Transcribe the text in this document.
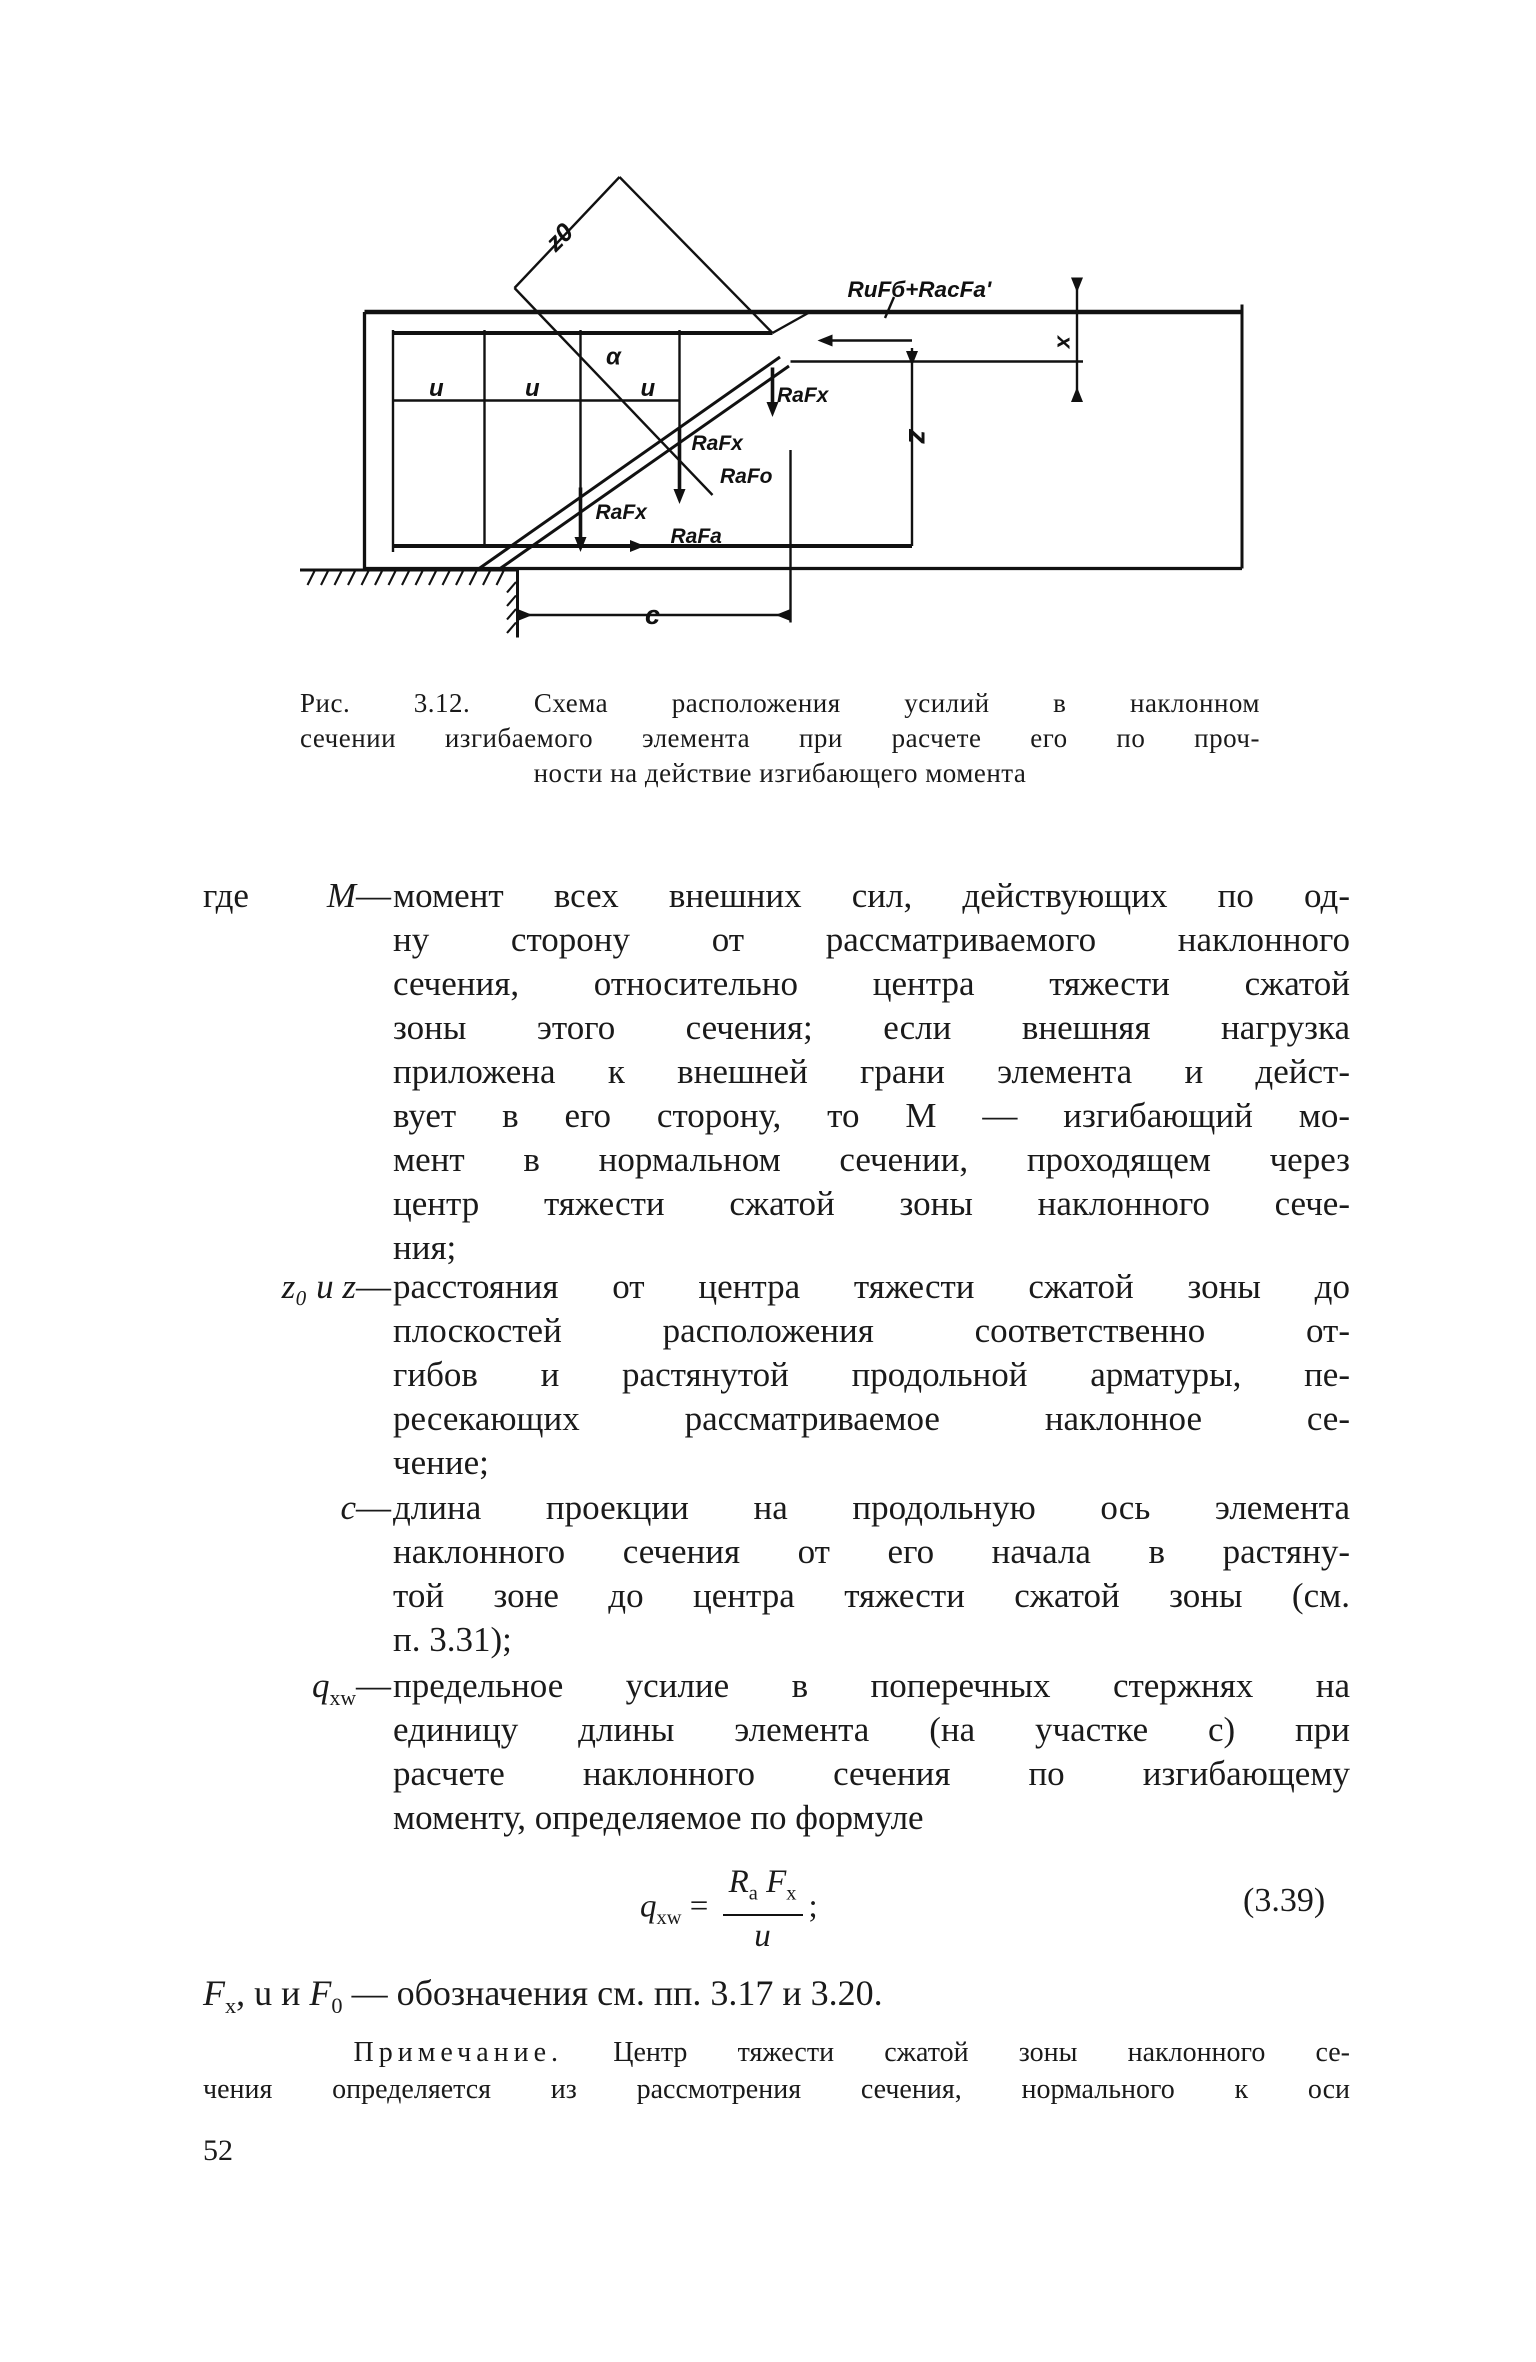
z0
RuFб+RacFa'
x
α
u	u	u
z
c
RaFx
RaFx
RaFo
RaFx
RaFa
Рис. 3.12. Схема расположения усилий в наклонном
сечении изгибаемого элемента при расчете его по проч-
ности на действие изгибающего момента
где M— момент всех внешних сил, действующих по од-
ну сторону от рассматриваемого наклонного
сечения, относительно центра тяжести сжатой
зоны этого сечения; если внешняя нагрузка
приложена к внешней грани элемента и дейст-
вует в его сторону, то M — изгибающий мо-
мент в нормальном сечении, проходящем через
центр тяжести сжатой зоны наклонного сече-
ния;
z₀ и z— расстояния от центра тяжести сжатой зоны до
плоскостей расположения соответственно от-
гибов и растянутой продольной арматуры, пе-
ресекающих рассматриваемое наклонное се-
чение;
c— длина проекции на продольную ось элемента
наклонного сечения от его начала в растяну-
той зоне до центра тяжести сжатой зоны (см.
п. 3.31);
$q_{xw}—$ предельное усилие в поперечных стержнях на
единицу длины элемента (на участке c) при
расчете наклонного сечения по изгибающему
моменту, определяемое по формуле
$q_{xw} = \frac{R_a F_x}{u}$ ;	(3.39)
$F_x$, u и $F_0$ — обозначения см. пп. 3.17 и 3.20.
Примечание. Центр тяжести сжатой зоны наклонного се-
чения определяется из рассмотрения сечения, нормального к оси
52
